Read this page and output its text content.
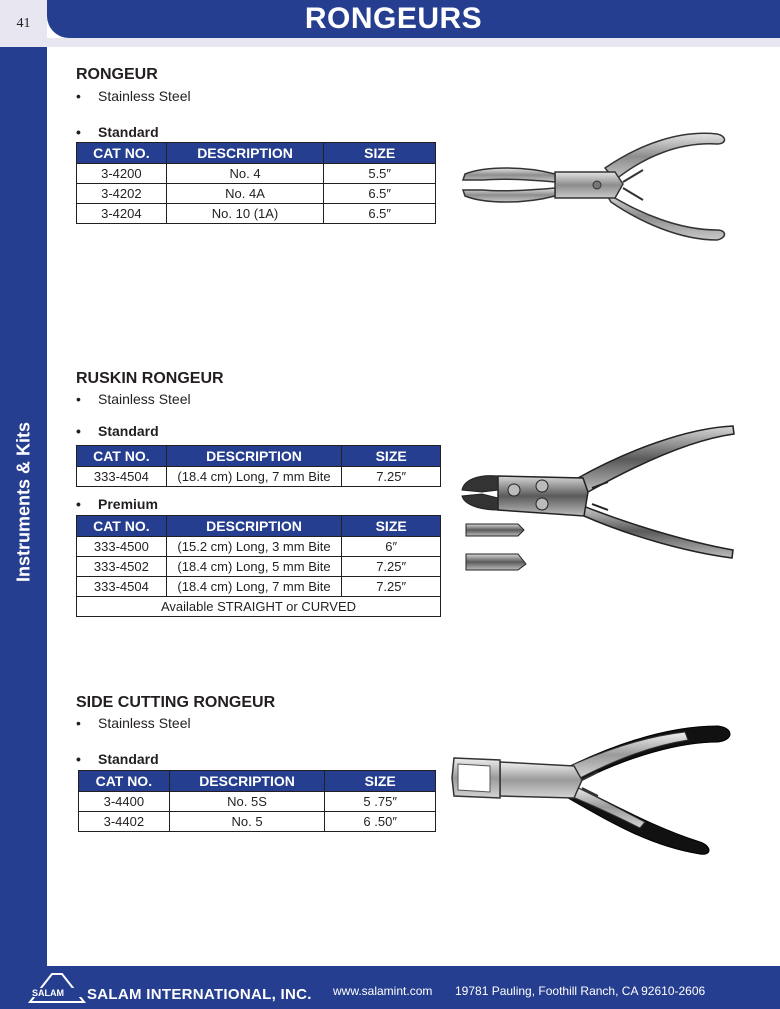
41	RONGEURS
Instruments & Kits
RONGEUR
• Stainless Steel
• Standard
CAT NO.	DESCRIPTION	SIZE
3-4200	No. 4	5.5″
3-4202	No. 4A	6.5″
3-4204	No. 10 (1A)	6.5″
RUSKIN RONGEUR
• Stainless Steel
• Standard
CAT NO.	DESCRIPTION	SIZE
333-4504	(18.4 cm) Long, 7 mm Bite	7.25″
• Premium
CAT NO.	DESCRIPTION	SIZE
333-4500	(15.2 cm) Long, 3 mm Bite	6″
333-4502	(18.4 cm) Long, 5 mm Bite	7.25″
333-4504	(18.4 cm) Long, 7 mm Bite	7.25″
Available STRAIGHT or CURVED		
SIDE CUTTING RONGEUR
• Stainless Steel
• Standard
CAT NO.	DESCRIPTION	SIZE
3-4400	No. 5S	5 .75″
3-4402	No. 5	6 .50″
SALAM SALAM INTERNATIONAL, INC. www.salamint.com 19781 Pauling, Foothill Ranch, CA 92610-2606
